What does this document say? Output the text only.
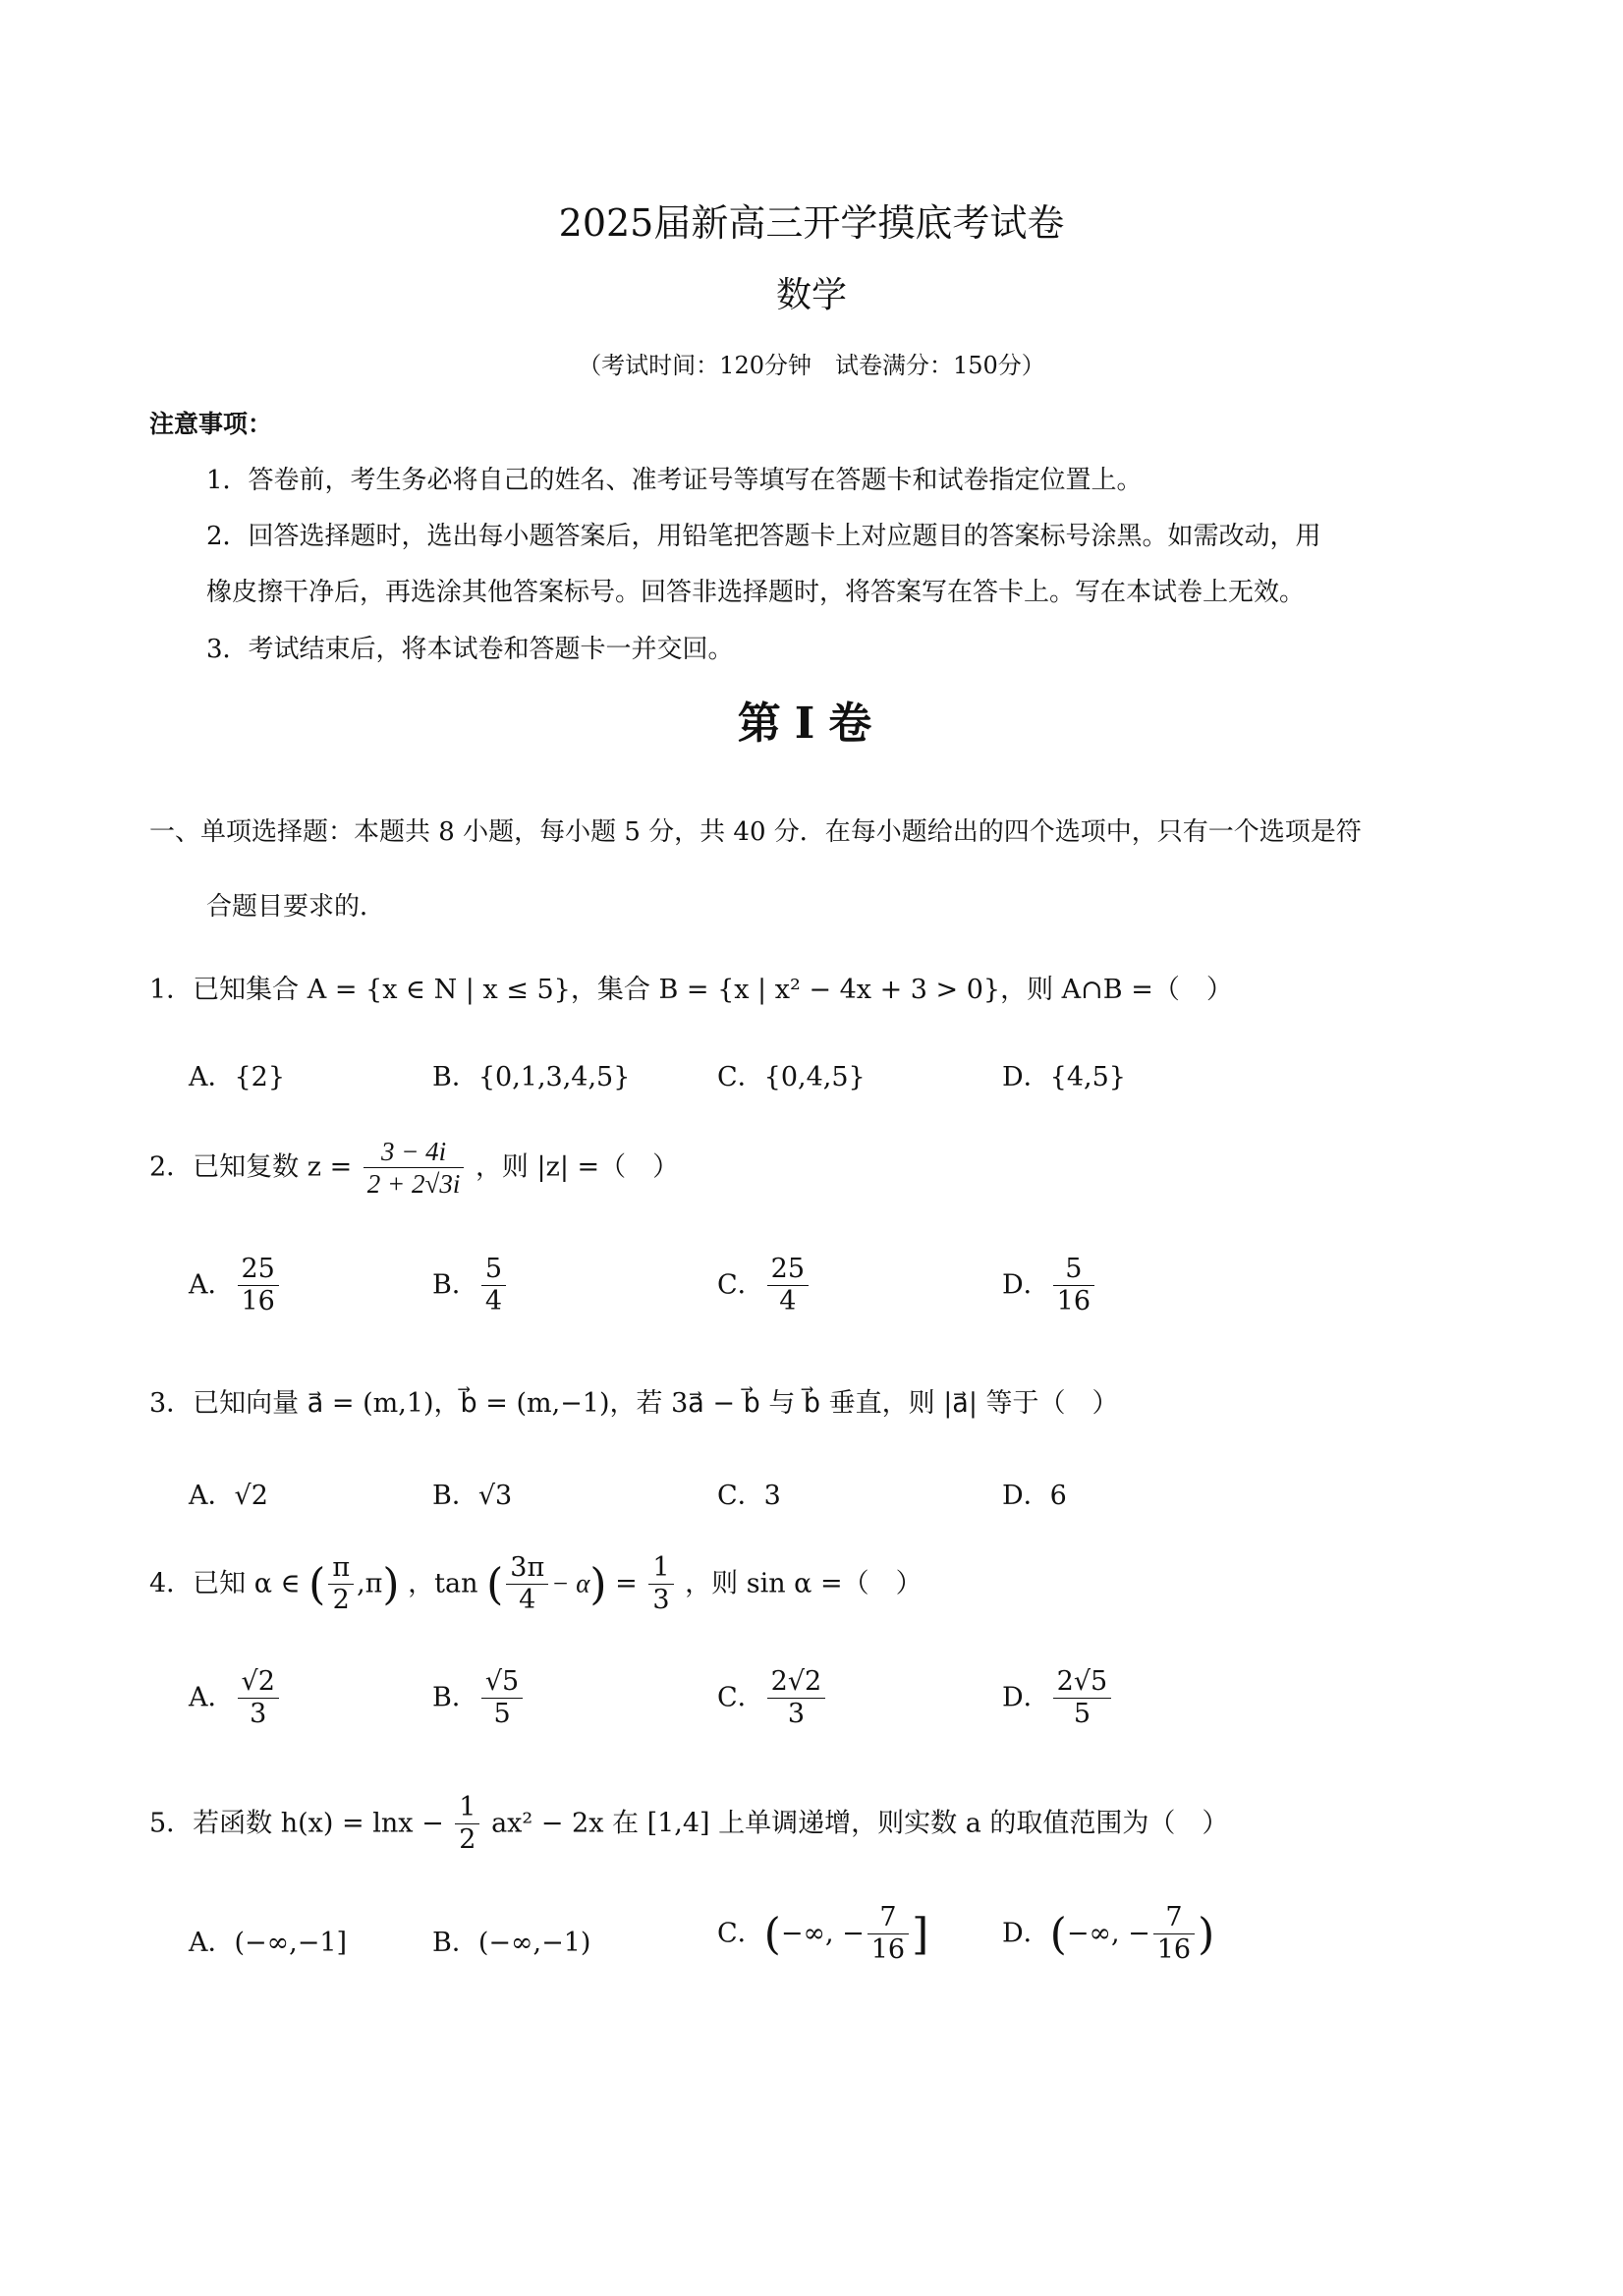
2025届新高三开学摸底考试卷
数学
（考试时间：120分钟　试卷满分：150分）
注意事项：
1．答卷前，考生务必将自己的姓名、准考证号等填写在答题卡和试卷指定位置上。
2．回答选择题时，选出每小题答案后，用铅笔把答题卡上对应题目的答案标号涂黑。如需改动，用
橡皮擦干净后，再选涂其他答案标号。回答非选择题时，将答案写在答卡上。写在本试卷上无效。
3．考试结束后，将本试卷和答题卡一并交回。
第Ⅰ卷
一、单项选择题：本题共 8 小题，每小题 5 分，共 40 分．在每小题给出的四个选项中，只有一个选项是符
合题目要求的．
1．已知集合 A = {x ∈ N | x ≤ 5}，集合 B = {x | x² − 4x + 3 > 0}，则 A∩B =（　）
A．{2}	B．{0,1,3,4,5}	C．{0,4,5}	D．{4,5}
2．已知复数 $z = \frac{3 - 4i}{2 + 2√3i}$ ，则 |z| =（　）
A． $\frac{25}{16}$	B． $\frac{5}{4}$	C． $\frac{25}{4}$	D． $\frac{5}{16}$
3．已知向量 a⃗ = (m,1)，b⃗ = (m,−1)，若 3a⃗ − b⃗ 与 b⃗ 垂直，则 |a⃗| 等于（　）
A．√2	B．√3	C．3	D．6
4．已知 α ∈ ( $\frac{\pi}{2} ,\pi$) ，tan ( $\frac{3\pi}{4} - \alpha) = \frac{1}{3}$ ，则 sin α =（　）
A． $\frac{√2}{3}$	B． $\frac{√5}{5}$	C． $\frac{2√2}{3}$	D． $\frac{2√5}{5}$
5．若函数 $h(x) = \ln x - \frac{1}{2} ax^2 - 2x$ 在 [1,4] 上单调递增，则实数 a 的取值范围为（　）
A．(−∞,−1]	B．(−∞,−1)	C．(−∞, − $\frac{7}{16}$ ]	D．(−∞, − $\frac{7}{16}$ )
